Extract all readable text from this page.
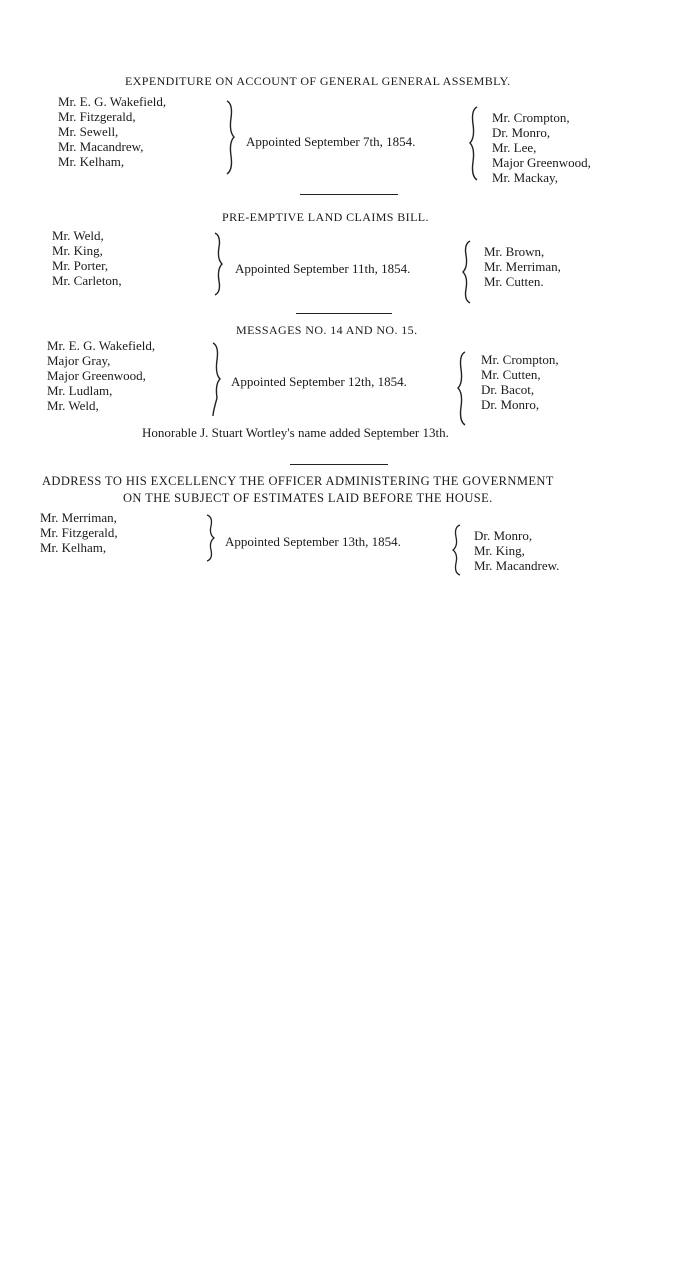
EXPENDITURE ON ACCOUNT OF GENERAL GENERAL ASSEMBLY.
Mr. E. G. Wakefield,
Mr. Fitzgerald,
Mr. Sewell,
Mr. Macandrew,
Mr. Kelham,
Appointed September 7th, 1854.
Mr. Crompton,
Dr. Monro,
Mr. Lee,
Major Greenwood,
Mr. Mackay,
PRE-EMPTIVE LAND CLAIMS BILL.
Mr. Weld,
Mr. King,
Mr. Porter,
Mr. Carleton,
Appointed September 11th, 1854.
Mr. Brown,
Mr. Merriman,
Mr. Cutten.
MESSAGES NO. 14 AND NO. 15.
Mr. E. G. Wakefield,
Major Gray,
Major Greenwood,
Mr. Ludlam,
Mr. Weld,
Appointed September 12th, 1854.
Mr. Crompton,
Mr. Cutten,
Dr. Bacot,
Dr. Monro,
Honorable J. Stuart Wortley's name added September 13th.
ADDRESS TO HIS EXCELLENCY THE OFFICER ADMINISTERING THE GOVERNMENT
ON THE SUBJECT OF ESTIMATES LAID BEFORE THE HOUSE.
Mr. Merriman,
Mr. Fitzgerald,
Mr. Kelham,	Appointed September 13th, 1854.	Dr. Monro,
Mr. King,
Mr. Macandrew.
